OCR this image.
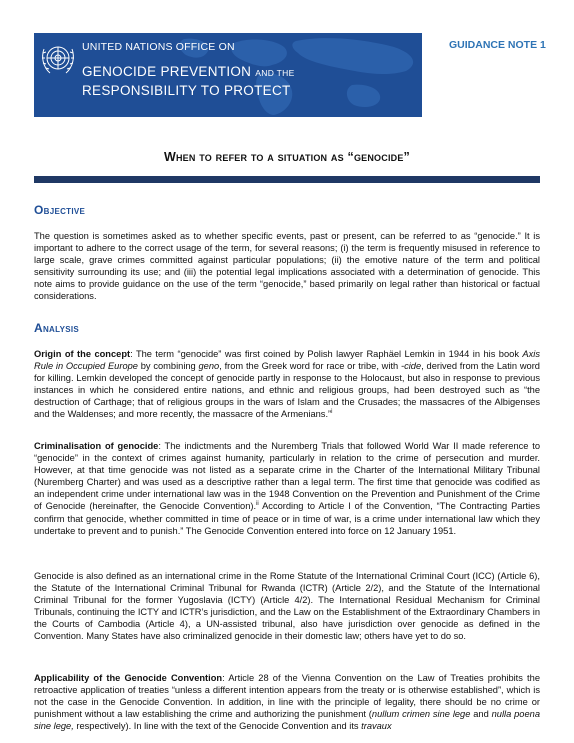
UNITED NATIONS OFFICE ON
GENOCIDE PREVENTION AND THE
RESPONSIBILITY TO PROTECT
GUIDANCE NOTE 1
When to refer to a situation as “genocide”
Objective

The question is sometimes asked as to whether specific events, past or present, can be referred to as “genocide.” It is important to adhere to the correct usage of the term, for several reasons; (i) the term is frequently misused in reference to large scale, grave crimes committed against particular populations; (ii) the emotive nature of the term and political sensitivity surrounding its use; and (iii) the potential legal implications associated with a determination of genocide. This note aims to provide guidance on the use of the term “genocide,” based primarily on legal rather than historical or factual considerations.

Analysis

Origin of the concept: The term “genocide” was first coined by Polish lawyer Raphäel Lemkin in 1944 in his book Axis Rule in Occupied Europe by combining geno, from the Greek word for race or tribe, with -cide, derived from the Latin word for killing. Lemkin developed the concept of genocide partly in response to the Holocaust, but also in response to previous instances in which he considered entire nations, and ethnic and religious groups, had been destroyed such as “the destruction of Carthage; that of religious groups in the wars of Islam and the Crusades; the massacres of the Albigenses and the Waldenses; and more recently, the massacre of the Armenians.”$^i$

Criminalisation of genocide: The indictments and the Nuremberg Trials that followed World War II made reference to “genocide” in the context of crimes against humanity, particularly in relation to the crime of persecution and murder. However, at that time genocide was not listed as a separate crime in the Charter of the International Military Tribunal (Nuremberg Charter) and was used as a descriptive rather than a legal term. The first time that genocide was codified as an independent crime under international law was in the 1948 Convention on the Prevention and Punishment of the Crime of Genocide (hereinafter, the Genocide Convention).$^{ii}$ According to Article I of the Convention, “The Contracting Parties confirm that genocide, whether committed in time of peace or in time of war, is a crime under international law which they undertake to prevent and to punish.” The Genocide Convention entered into force on 12 January 1951.

Genocide is also defined as an international crime in the Rome Statute of the International Criminal Court (ICC) (Article 6), the Statute of the International Criminal Tribunal for Rwanda (ICTR) (Article 2/2), and the Statute of the International Criminal Tribunal for the former Yugoslavia (ICTY) (Article 4/2). The International Residual Mechanism for Criminal Tribunals, continuing the ICTY and ICTR’s jurisdiction, and the Law on the Establishment of the Extraordinary Chambers in the Courts of Cambodia (Article 4), a UN-assisted tribunal, also have jurisdiction over genocide as defined in the Convention. Many States have also criminalized genocide in their domestic law; others have yet to do so.

Applicability of the Genocide Convention: Article 28 of the Vienna Convention on the Law of Treaties prohibits the retroactive application of treaties “unless a different intention appears from the treaty or is otherwise established”, which is not the case in the Genocide Convention. In addition, in line with the principle of legality, there should be no crime or punishment without a law establishing the crime and authorizing the punishment (nullum crimen sine lege and nulla poena sine lege, respectively). In line with the text of the Genocide Convention and its travaux
